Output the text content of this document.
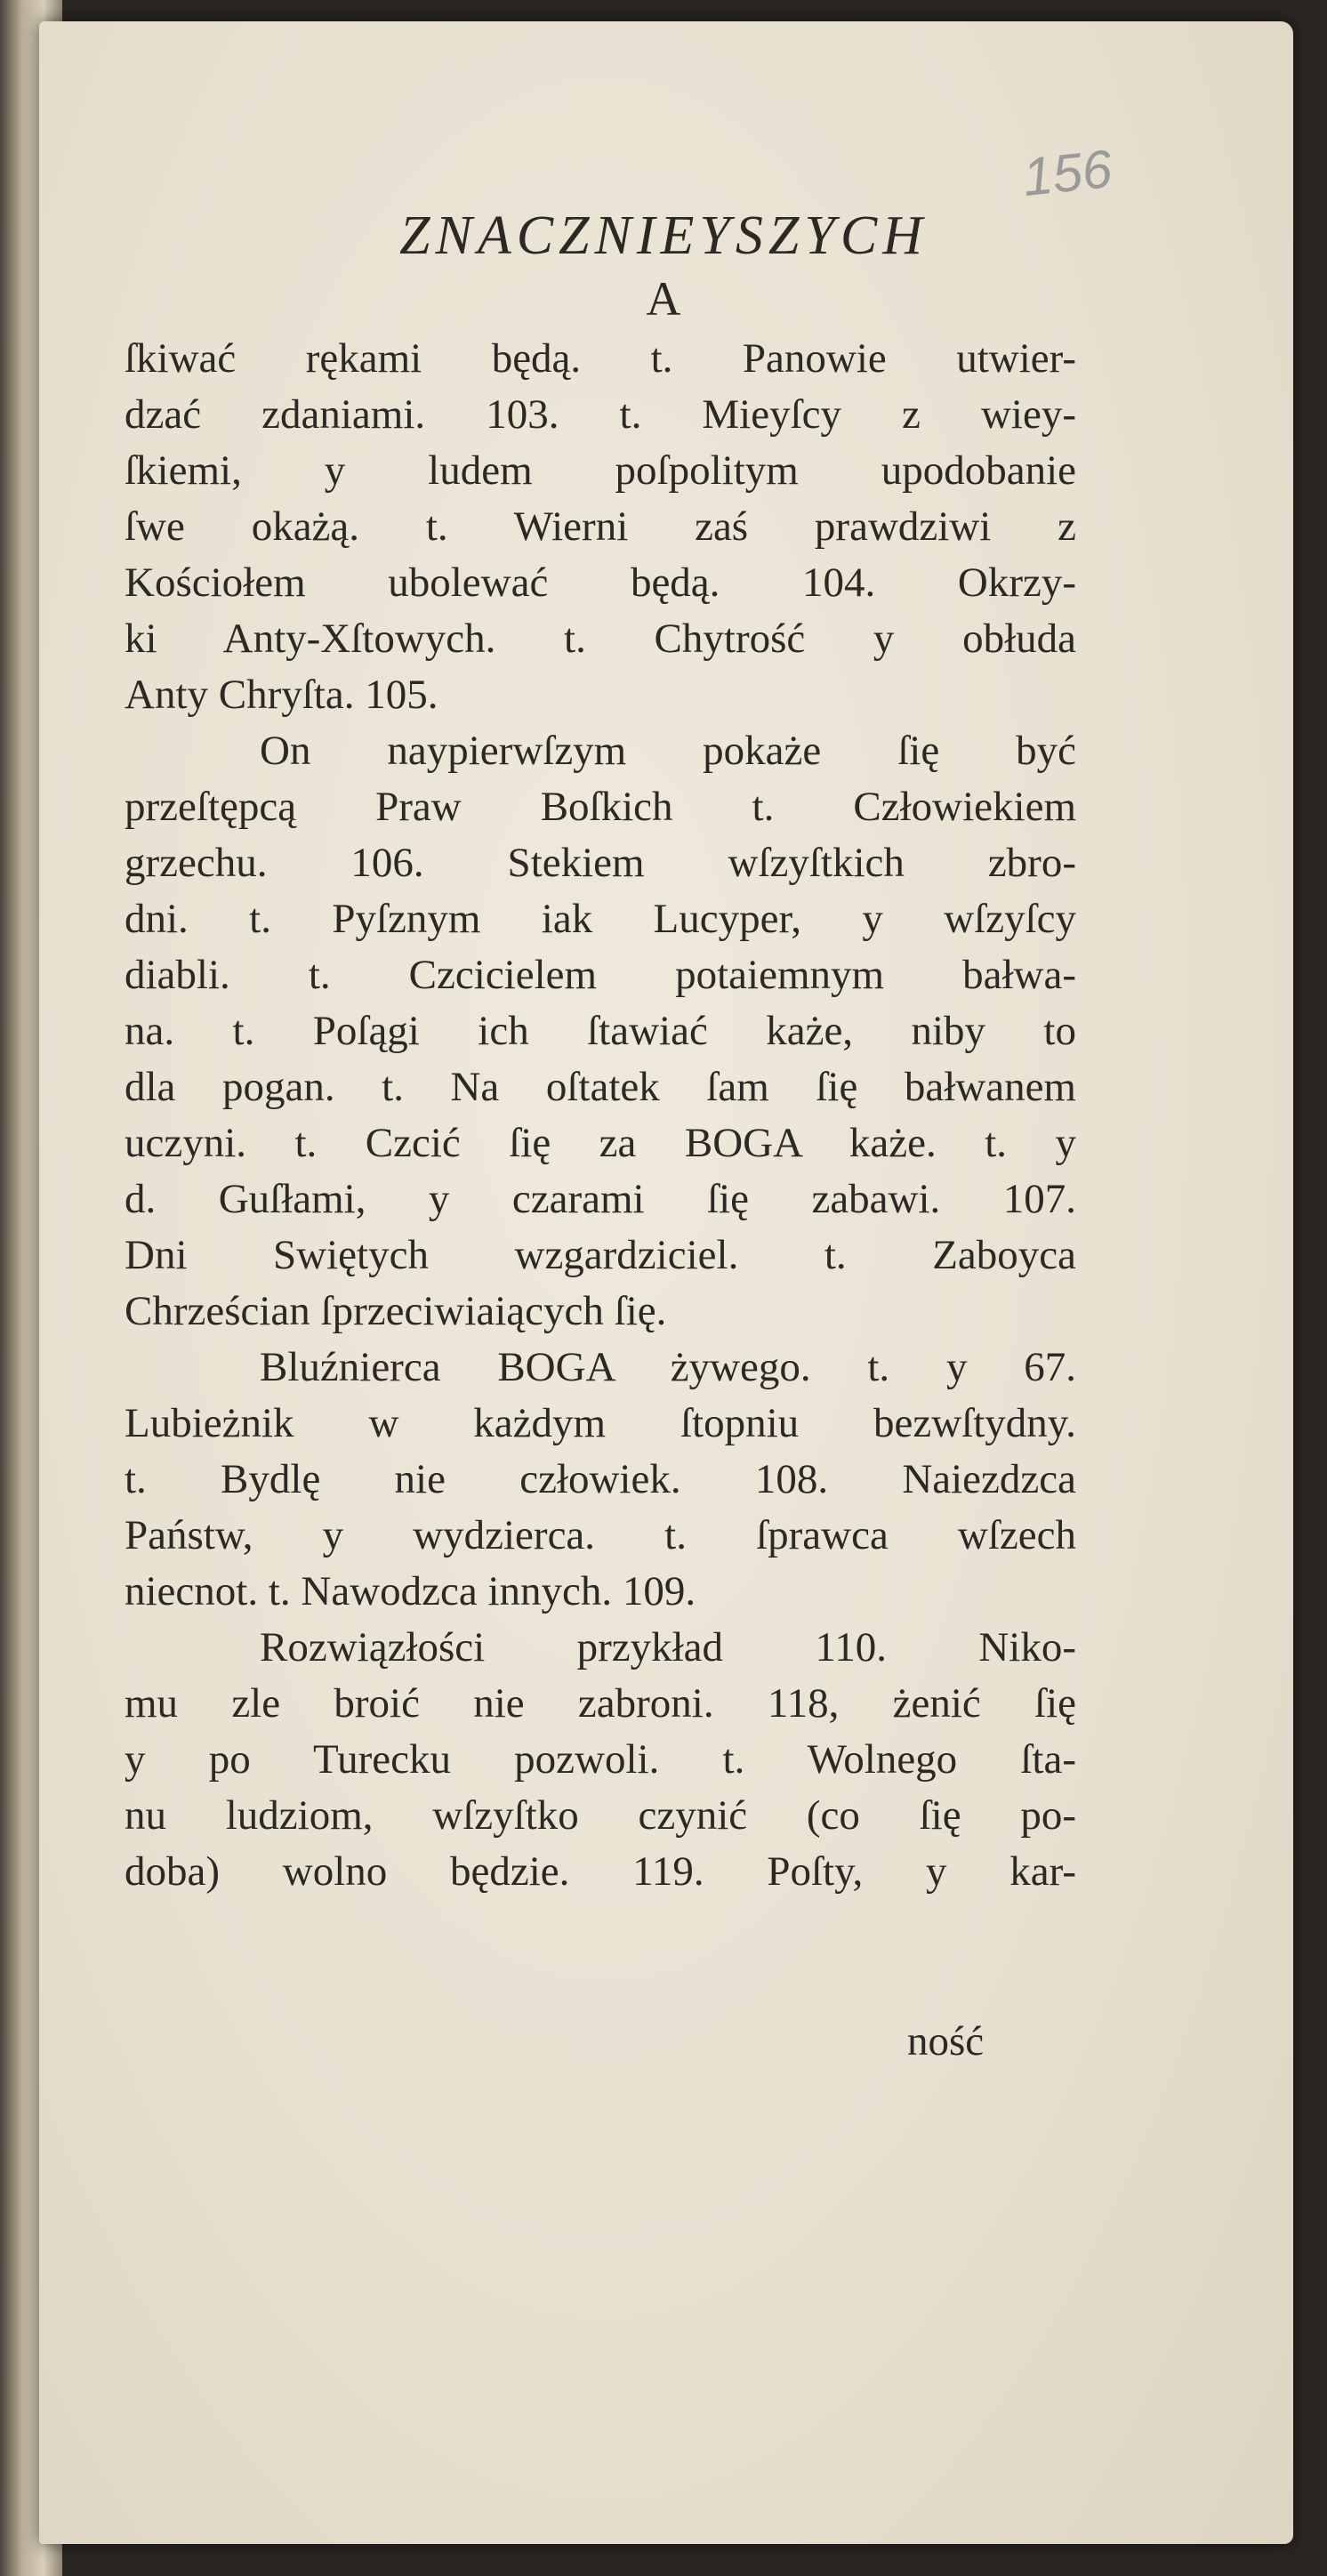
156
ZNACZNIEYSZYCH
A
ſkiwać rękami będą. t. Panowie utwier-
dzać zdaniami. 103. t. Mieyſcy z wiey-
ſkiemi, y ludem poſpolitym upodobanie
ſwe okażą. t. Wierni zaś prawdziwi z
Kościołem ubolewać będą. 104. Okrzy-
ki Anty-Xſtowych. t. Chytrość y obłuda
Anty Chryſta. 105.
On naypierwſzym pokaże ſię być
przeſtępcą Praw Boſkich t. Człowiekiem
grzechu. 106. Stekiem wſzyſtkich zbro-
dni. t. Pyſznym iak Lucyper, y wſzyſcy
diabli. t. Czcicielem potaiemnym bałwa-
na. t. Poſągi ich ſtawiać każe, niby to
dla pogan. t. Na oſtatek ſam ſię bałwanem
uczyni. t. Czcić ſię za BOGA każe. t. y
d. Guſłami, y czarami ſię zabawi. 107.
Dni Swiętych wzgardziciel. t. Zaboyca
Chrześcian ſprzeciwiaiących ſię.
Bluźnierca BOGA żywego. t. y 67.
Lubieżnik w każdym ſtopniu bezwſtydny.
t. Bydlę nie człowiek. 108. Naiezdzca
Państw, y wydzierca. t. ſprawca wſzech
niecnot. t. Nawodzca innych. 109.
Rozwiązłości przykład 110. Niko-
mu zle broić nie zabroni. 118, żenić ſię
y po Turecku pozwoli. t. Wolnego ſta-
nu ludziom, wſzyſtko czynić (co ſię po-
doba) wolno będzie. 119. Poſty, y kar-
ność
